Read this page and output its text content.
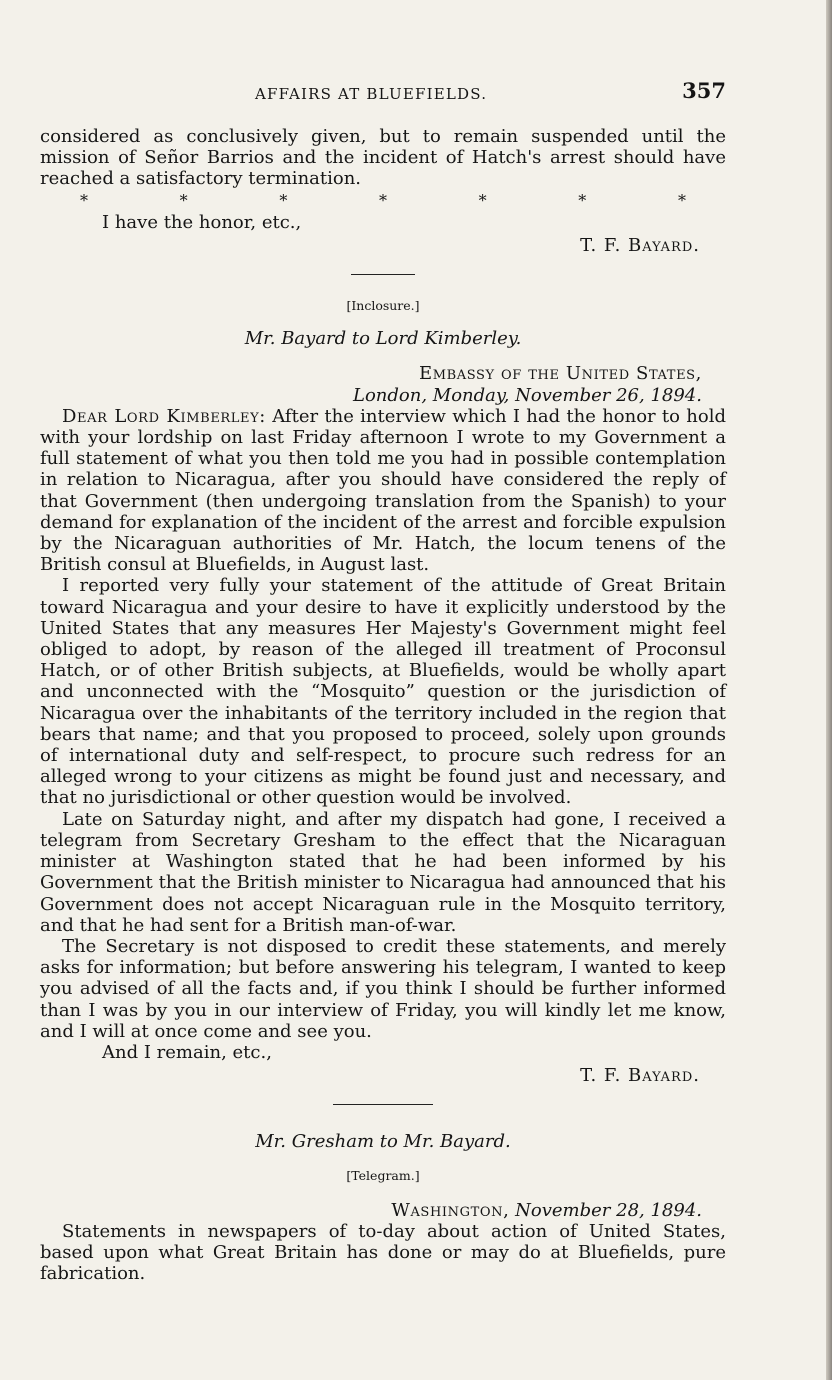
AFFAIRS AT BLUEFIELDS.	357

considered as conclusively given, but to remain suspended until the mission of Señor Barrios and the incident of Hatch's arrest should have reached a satisfactory termination.

*	*	*	*	*	*	*

I have the honor, etc.,

T. F. Bayard.

[Inclosure.]

Mr. Bayard to Lord Kimberley.

Embassy of the United States,

London, Monday, November 26, 1894.

Dear Lord Kimberley: After the interview which I had the honor to hold with your lordship on last Friday afternoon I wrote to my Government a full statement of what you then told me you had in possible contemplation in relation to Nicaragua, after you should have considered the reply of that Government (then undergoing translation from the Spanish) to your demand for explanation of the incident of the arrest and forcible expulsion by the Nicaraguan authorities of Mr. Hatch, the locum tenens of the British consul at Bluefields, in August last.

I reported very fully your statement of the attitude of Great Britain toward Nicaragua and your desire to have it explicitly understood by the United States that any measures Her Majesty's Government might feel obliged to adopt, by reason of the alleged ill treatment of Proconsul Hatch, or of other British subjects, at Bluefields, would be wholly apart and unconnected with the “Mosquito” question or the jurisdiction of Nicaragua over the inhabitants of the territory included in the region that bears that name; and that you proposed to proceed, solely upon grounds of international duty and self-respect, to procure such redress for an alleged wrong to your citizens as might be found just and necessary, and that no jurisdictional or other question would be involved.

Late on Saturday night, and after my dispatch had gone, I received a telegram from Secretary Gresham to the effect that the Nicaraguan minister at Washington stated that he had been informed by his Government that the British minister to Nicaragua had announced that his Government does not accept Nicaraguan rule in the Mosquito territory, and that he had sent for a British man-of-war.

The Secretary is not disposed to credit these statements, and merely asks for information; but before answering his telegram, I wanted to keep you advised of all the facts and, if you think I should be further informed than I was by you in our interview of Friday, you will kindly let me know, and I will at once come and see you.

And I remain, etc.,

T. F. Bayard.

Mr. Gresham to Mr. Bayard.

[Telegram.]

Washington, November 28, 1894.

Statements in newspapers of to-day about action of United States, based upon what Great Britain has done or may do at Bluefields, pure fabrication.
